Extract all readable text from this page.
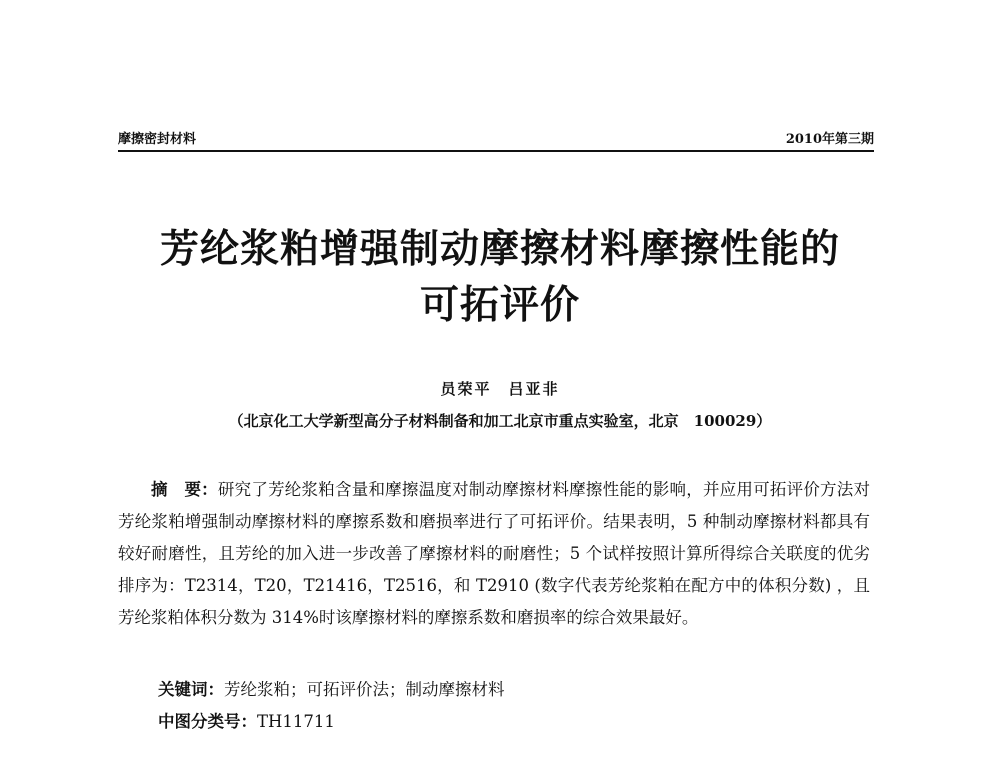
摩擦密封材料	2010年第三期
芳纶浆粕增强制动摩擦材料摩擦性能的
可拓评价
员荣平　吕亚非
（北京化工大学新型高分子材料制备和加工北京市重点实验室，北京　100029）
摘　要：研究了芳纶浆粕含量和摩擦温度对制动摩擦材料摩擦性能的影响，并应用可拓评价方法对芳纶浆粕增强制动摩擦材料的摩擦系数和磨损率进行了可拓评价。结果表明，5 种制动摩擦材料都具有较好耐磨性，且芳纶的加入进一步改善了摩擦材料的耐磨性；5 个试样按照计算所得综合关联度的优劣排序为：T2314，T20，T21416，T2516，和 T2910 (数字代表芳纶浆粕在配方中的体积分数) ，且芳纶浆粕体积分数为 314%时该摩擦材料的摩擦系数和磨损率的综合效果最好。
关键词：芳纶浆粕；可拓评价法；制动摩擦材料
中图分类号：TH11711
